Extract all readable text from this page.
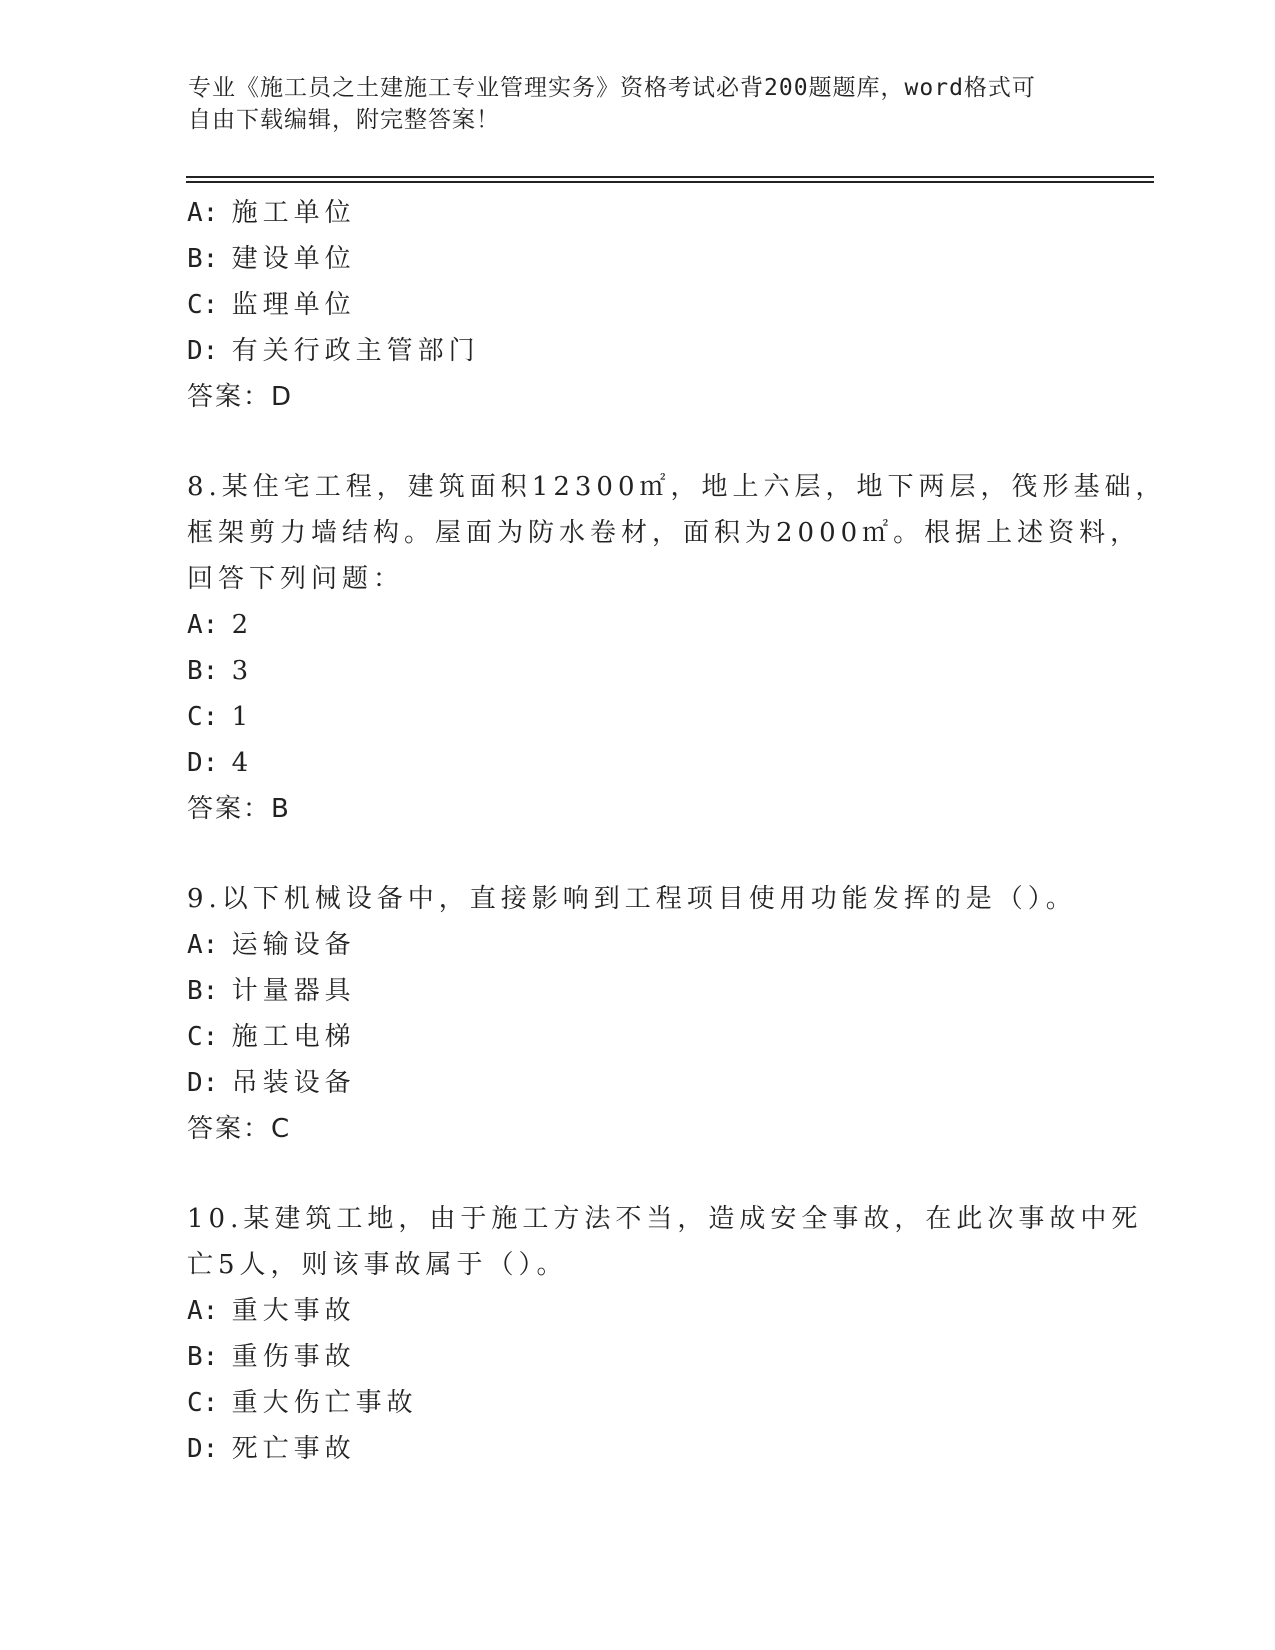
专业《施工员之土建施工专业管理实务》资格考试必背200题题库，word格式可
自由下载编辑，附完整答案！
A: 施工单位
B: 建设单位
C: 监理单位
D: 有关行政主管部门
答案：D
8.某住宅工程，建筑面积12300㎡，地上六层，地下两层，筏形基础，
框架剪力墙结构。屋面为防水卷材，面积为2000㎡。根据上述资料，
回答下列问题：
A: 2
B: 3
C: 1
D: 4
答案：B
9.以下机械设备中，直接影响到工程项目使用功能发挥的是（）。
A: 运输设备
B: 计量器具
C: 施工电梯
D: 吊装设备
答案：C
10.某建筑工地，由于施工方法不当，造成安全事故，在此次事故中死
亡5人，则该事故属于（）。
A: 重大事故
B: 重伤事故
C: 重大伤亡事故
D: 死亡事故
